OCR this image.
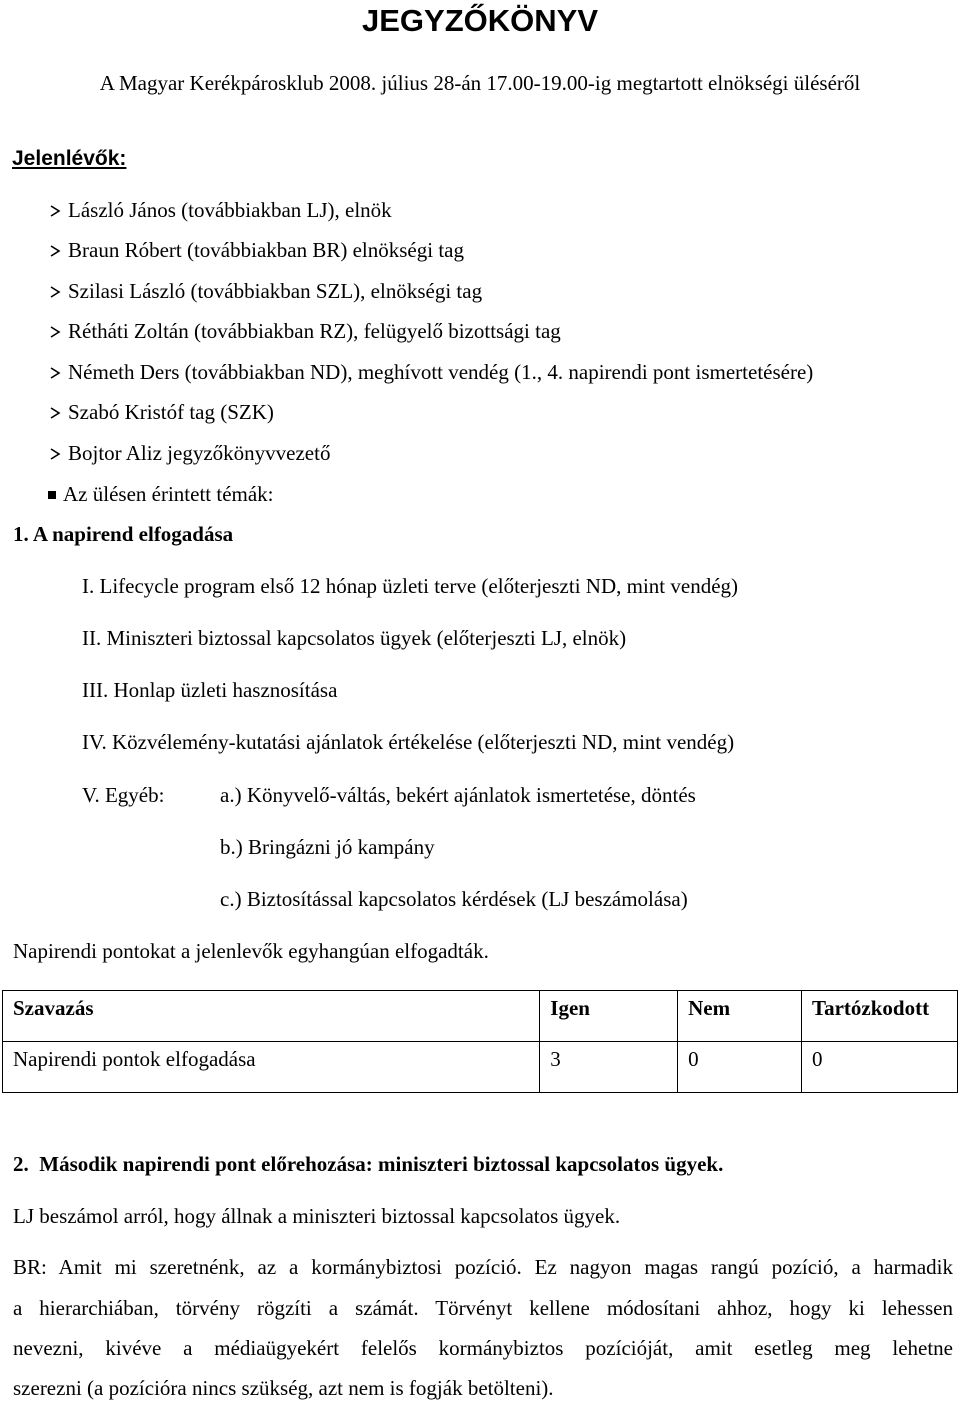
JEGYZŐKÖNYV
A Magyar Kerékpárosklub 2008. július 28-án 17.00-19.00-ig megtartott elnökségi üléséről
Jelenlévők:
László János (továbbiakban LJ), elnök
Braun Róbert (továbbiakban BR) elnökségi tag
Szilasi László (továbbiakban SZL), elnökségi tag
Rétháti Zoltán (továbbiakban RZ), felügyelő bizottsági tag
Németh Ders (továbbiakban ND), meghívott vendég (1., 4. napirendi pont ismertetésére)
Szabó Kristóf tag (SZK)
Bojtor Aliz jegyzőkönyvvezető
Az ülésen érintett témák:
1. A napirend elfogadása
I. Lifecycle program első 12 hónap üzleti terve (előterjeszti ND, mint vendég)
II. Miniszteri biztossal kapcsolatos ügyek (előterjeszti LJ, elnök)
III. Honlap üzleti hasznosítása
IV. Közvélemény-kutatási ajánlatok értékelése (előterjeszti ND, mint vendég)
V. Egyéb:	a.) Könyvelő-váltás, bekért ajánlatok ismertetése, döntés
b.) Bringázni jó kampány
c.) Biztosítással kapcsolatos kérdések (LJ beszámolása)
Napirendi pontokat a jelenlevők egyhangúan elfogadták.
Szavazás	Igen	Nem	Tartózkodott
Napirendi pontok elfogadása	3	0	0
2.  Második napirendi pont előrehozása: miniszteri biztossal kapcsolatos ügyek.
LJ beszámol arról, hogy állnak a miniszteri biztossal kapcsolatos ügyek.
BR: Amit mi szeretnénk, az a kormánybiztosi pozíció. Ez nagyon magas rangú pozíció, a harmadik
a hierarchiában, törvény rögzíti a számát. Törvényt kellene módosítani ahhoz, hogy ki lehessen
nevezni, kivéve a médiaügyekért felelős kormánybiztos pozícióját, amit esetleg meg lehetne
szerezni (a pozícióra nincs szükség, azt nem is fogják betölteni).
